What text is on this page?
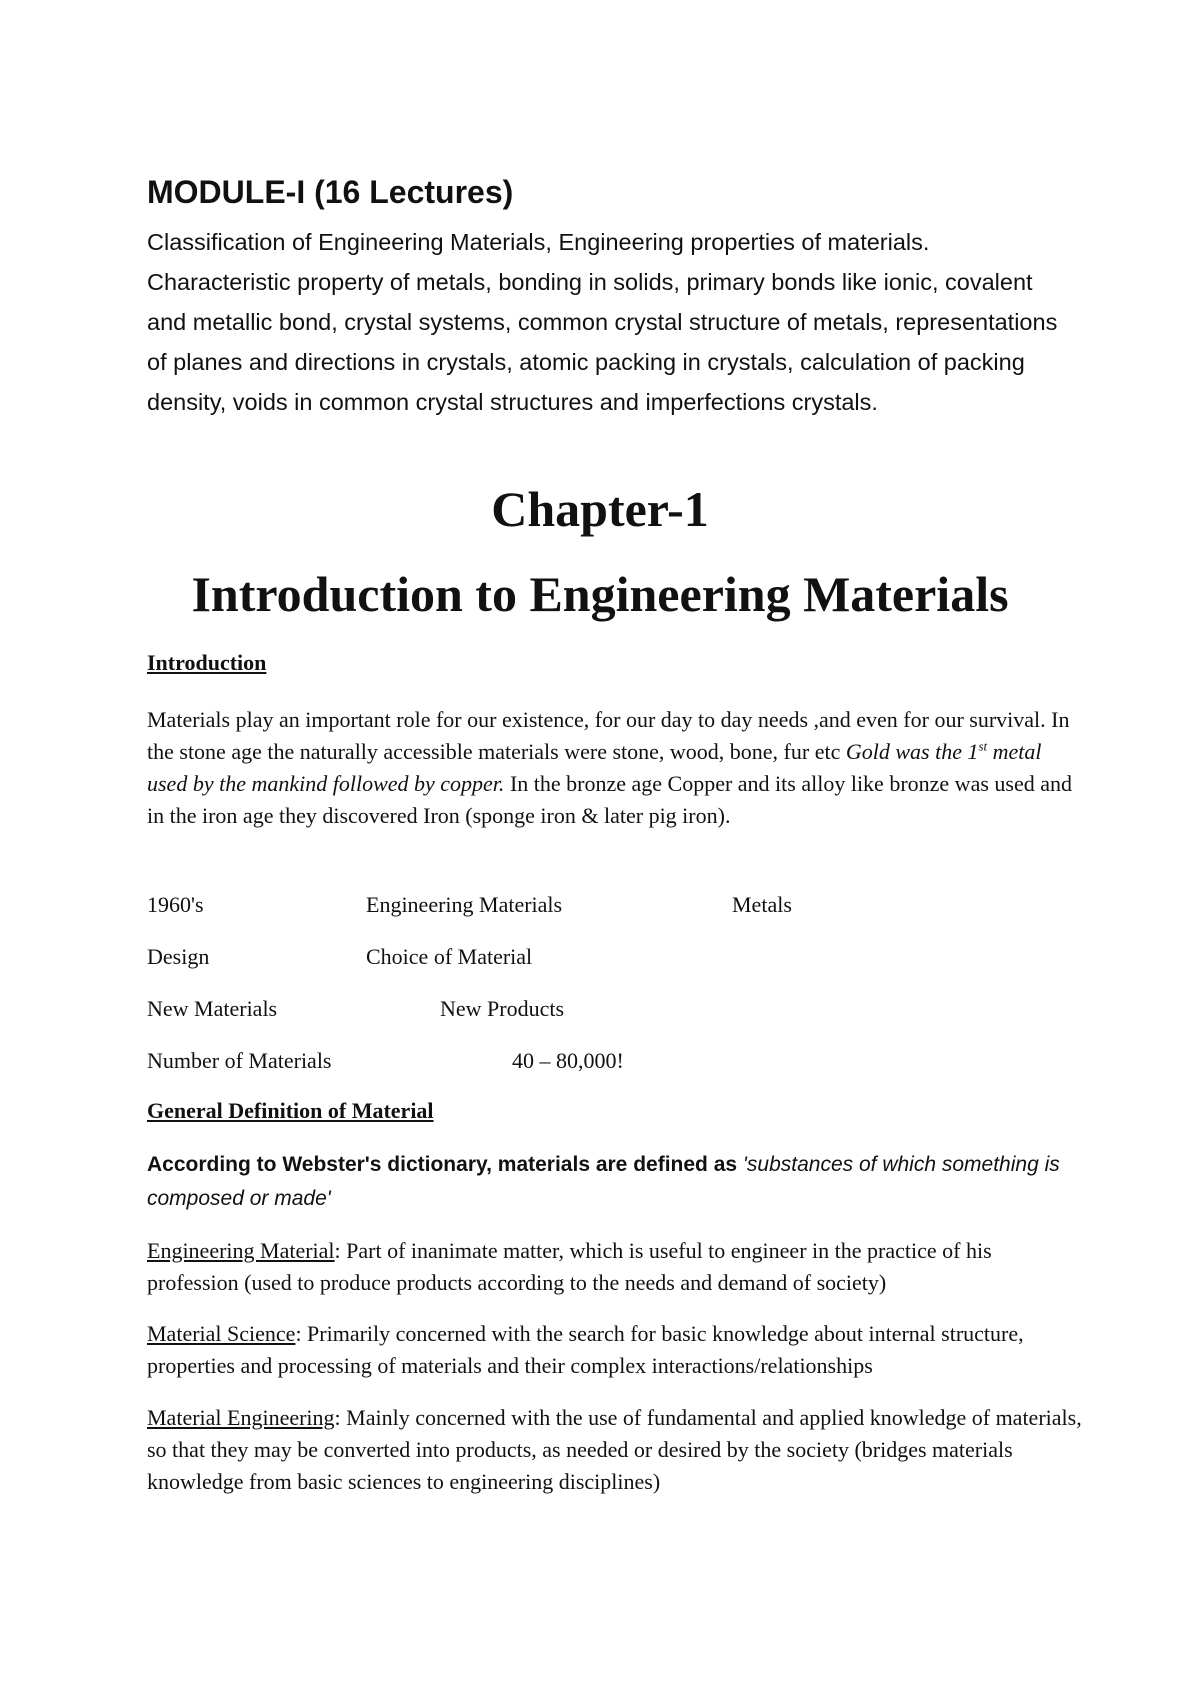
MODULE-I (16 Lectures)

Classification of Engineering Materials, Engineering properties of materials. Characteristic property of metals, bonding in solids, primary bonds like ionic, covalent and metallic bond, crystal systems, common crystal structure of metals, representations of planes and directions in crystals, atomic packing in crystals, calculation of packing density, voids in common crystal structures and imperfections crystals.

Chapter-1
Introduction to Engineering Materials
Introduction

Materials play an important role for our existence, for our day to day needs ,and even for our survival. In the stone age the naturally accessible materials were stone, wood, bone, fur etc Gold was the 1st metal used by the mankind followed by copper. In the bronze age Copper and its alloy like bronze was used and in the iron age they discovered Iron (sponge iron & later pig iron).

1960's	Engineering Materials	Metals
Design	Choice of Material
New Materials	New Products
Number of Materials	40 – 80,000!
General Definition of Material

According to Webster's dictionary, materials are defined as 'substances of which something is composed or made'

Engineering Material: Part of inanimate matter, which is useful to engineer in the practice of his profession (used to produce products according to the needs and demand of society)

Material Science: Primarily concerned with the search for basic knowledge about internal structure, properties and processing of materials and their complex interactions/relationships

Material Engineering: Mainly concerned with the use of fundamental and applied knowledge of materials, so that they may be converted into products, as needed or desired by the society (bridges materials knowledge from basic sciences to engineering disciplines)
